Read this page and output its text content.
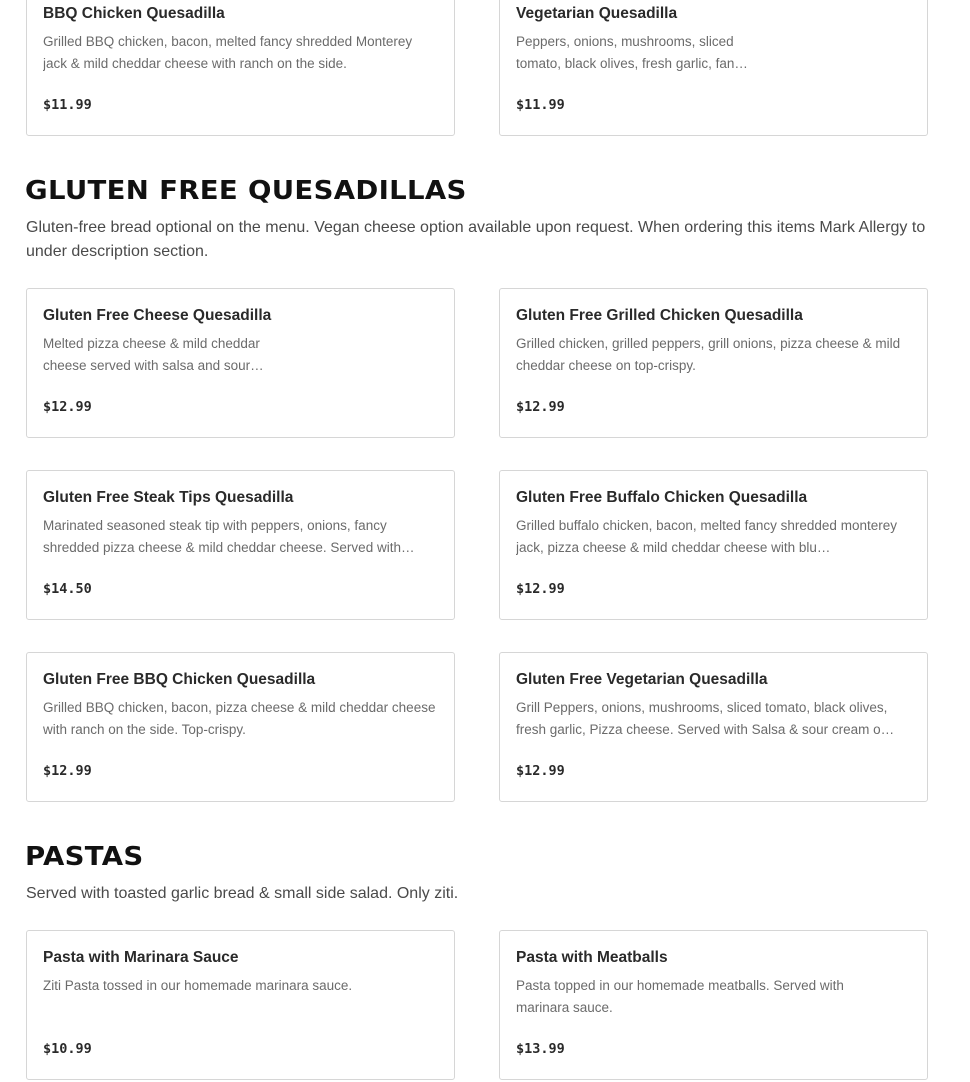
BBQ Chicken Quesadilla
Grilled BBQ chicken, bacon, melted fancy shredded Monterey jack & mild cheddar cheese with ranch on the side.
$11.99
Vegetarian Quesadilla
Peppers, onions, mushrooms, sliced tomato, black olives, fresh garlic, fan…
$11.99
GLUTEN FREE QUESADILLAS

Gluten-free bread optional on the menu. Vegan cheese option available upon request. When ordering this items Mark Allergy to under description section.

Gluten Free Cheese Quesadilla
Melted pizza cheese & mild cheddar cheese served with salsa and sour…
$12.99
Gluten Free Grilled Chicken Quesadilla
Grilled chicken, grilled peppers, grill onions, pizza cheese & mild cheddar cheese on top-crispy.
$12.99
Gluten Free Steak Tips Quesadilla
Marinated seasoned steak tip with peppers, onions, fancy shredded pizza cheese & mild cheddar cheese. Served with…
$14.50
Gluten Free Buffalo Chicken Quesadilla
Grilled buffalo chicken, bacon, melted fancy shredded monterey jack, pizza cheese & mild cheddar cheese with blu…
$12.99
Gluten Free BBQ Chicken Quesadilla
Grilled BBQ chicken, bacon, pizza cheese & mild cheddar cheese with ranch on the side. Top-crispy.
$12.99
Gluten Free Vegetarian Quesadilla
Grill Peppers, onions, mushrooms, sliced tomato, black olives, fresh garlic, Pizza cheese. Served with Salsa & sour cream o…
$12.99
PASTAS

Served with toasted garlic bread & small side salad. Only ziti.

Pasta with Marinara Sauce
Ziti Pasta tossed in our homemade marinara sauce.
$10.99
Pasta with Meatballs
Pasta topped in our homemade meatballs. Served with marinara sauce.
$13.99
